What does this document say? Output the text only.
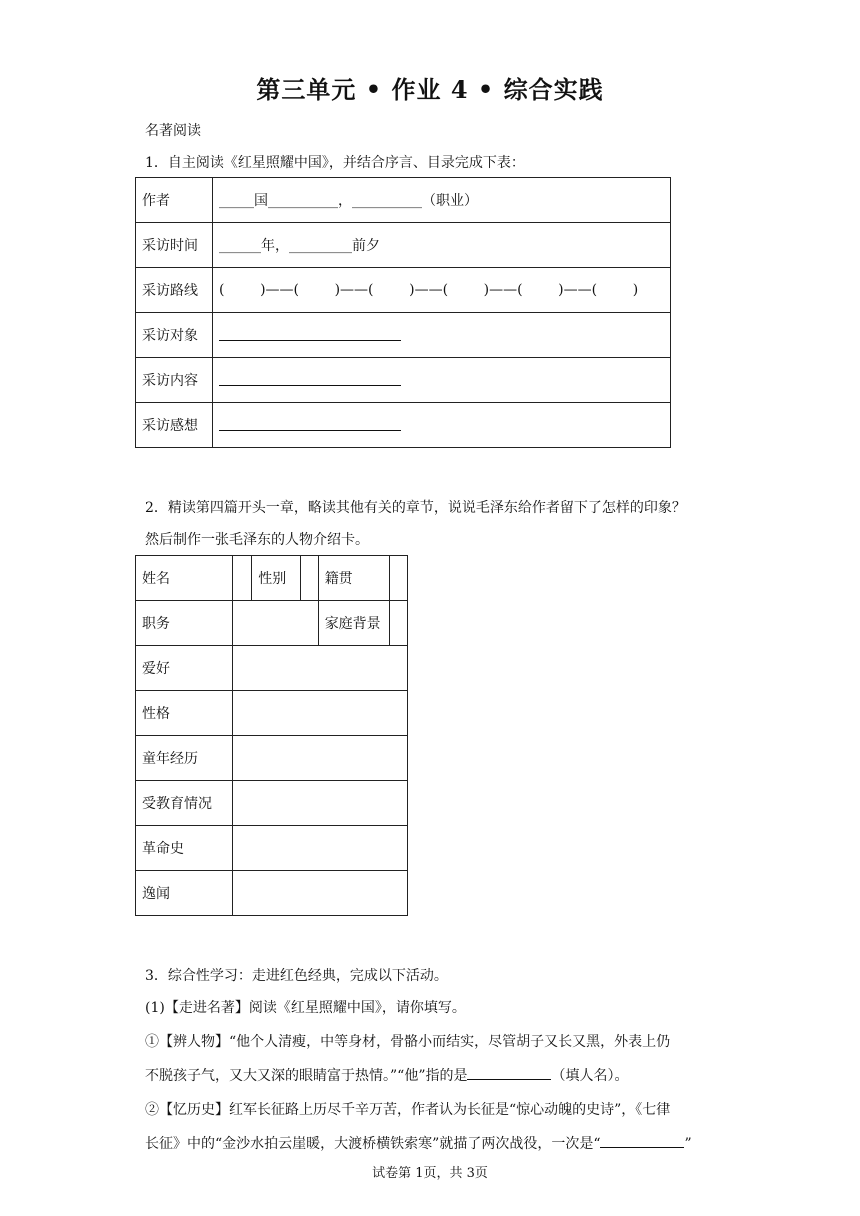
第三单元 • 作业 4 • 综合实践
名著阅读
1．自主阅读《红星照耀中国》，并结合序言、目录完成下表：
作者	_____国__________，__________（职业）
采访时间	______年，_________前夕
采访路线	(        )——(        )——(        )——(        )——(        )——(        )
采访对象	
采访内容	
采访感想	
2．精读第四篇开头一章，略读其他有关的章节，说说毛泽东给作者留下了怎样的印象？
然后制作一张毛泽东的人物介绍卡。
姓名		性别		籍贯	
职务				家庭背景	
爱好					
性格					
童年经历					
受教育情况					
革命史					
逸闻					
3．综合性学习：走进红色经典，完成以下活动。
(1)【走进名著】阅读《红星照耀中国》，请你填写。
①【辨人物】“他个人清瘦，中等身材，骨骼小而结实，尽管胡子又长又黑，外表上仍
不脱孩子气，又大又深的眼睛富于热情。”“他”指的是	（填人名）。
②【忆历史】红军长征路上历尽千辛万苦，作者认为长征是“惊心动魄的史诗”，《七律
长征》中的“金沙水拍云崖暖，大渡桥横铁索寒”就描了两次战役，一次是“	”
试卷第 1页，共 3页
